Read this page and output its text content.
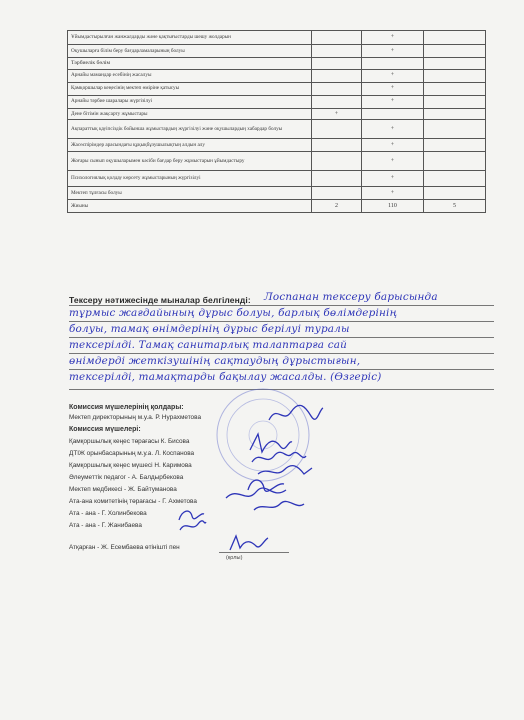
Ұйымдастырылған жанжалдарды және қақтығыстарды шешу жолдарын		+	
Оқушыларға білім беру бағдарламаларының болуы		+	
Тәрбиелік бөлім			
Арнайы мамандар есебінің жасалуы		+	
Қамқоршылар кеңесінің мектеп өміріне қатысуы		+	
Арнайы тәрбие шаралары жүргізілуі		+	
Дене бітімін жақсарту жұмыстары	+		
Ақпараттық қауіпсіздік бойынша жұмыстардың жүргізілуі және оқушылардың хабардар болуы		+	
Жасөспірімдер арасындағы құқықбұзушылықтың алдын алу		+	
Жоғары сынып оқушыларымен кәсіби бағдар беру жұмыстарын ұйымдастыру		+	
Психологиялық қолдау көрсету жұмыстарының жүргізілуі		+	
Мектеп тұлғасы болуы		+	
Жиыны	2	110	5
Тексеру нәтижесінде мыналар белгіленді: Лоспанан тексеру барысында
тұрмыс жағдайының дұрыс болуы, барлық бөлімдерінің
болуы, тамақ өнімдерінің дұрыс берілуі туралы
тексерілді. Тамақ санитарлық талаптарға сай
өнімдерді жеткізушінің сақтаудың дұрыстығын,
тексерілді, тамақтарды бақылау жасалды. (Өзгеріс)
Комиссия мүшелерінің қолдары:
Мектеп директорының м.у.а. Р. Нурахметова
Комиссия мүшелері:
Қамқоршылық кеңес төрағасы К. Бисова
ДТІЖ орынбасарының м.у.а. Л. Коспанова
Қамқоршылық кеңес мүшесі Н. Каримова
Әлеуметтік педагог - А. Балдырбекова
Мектеп медбикесі - Ж. Байтуманова
Ата-ана комитетінің төрағасы - Г. Ахметова
Ата - ана - Г. Холинбекова
Ата - ана - Г. Жанибаева
Атқарған - Ж. Есембаева өтінішті пен
(қолы)
